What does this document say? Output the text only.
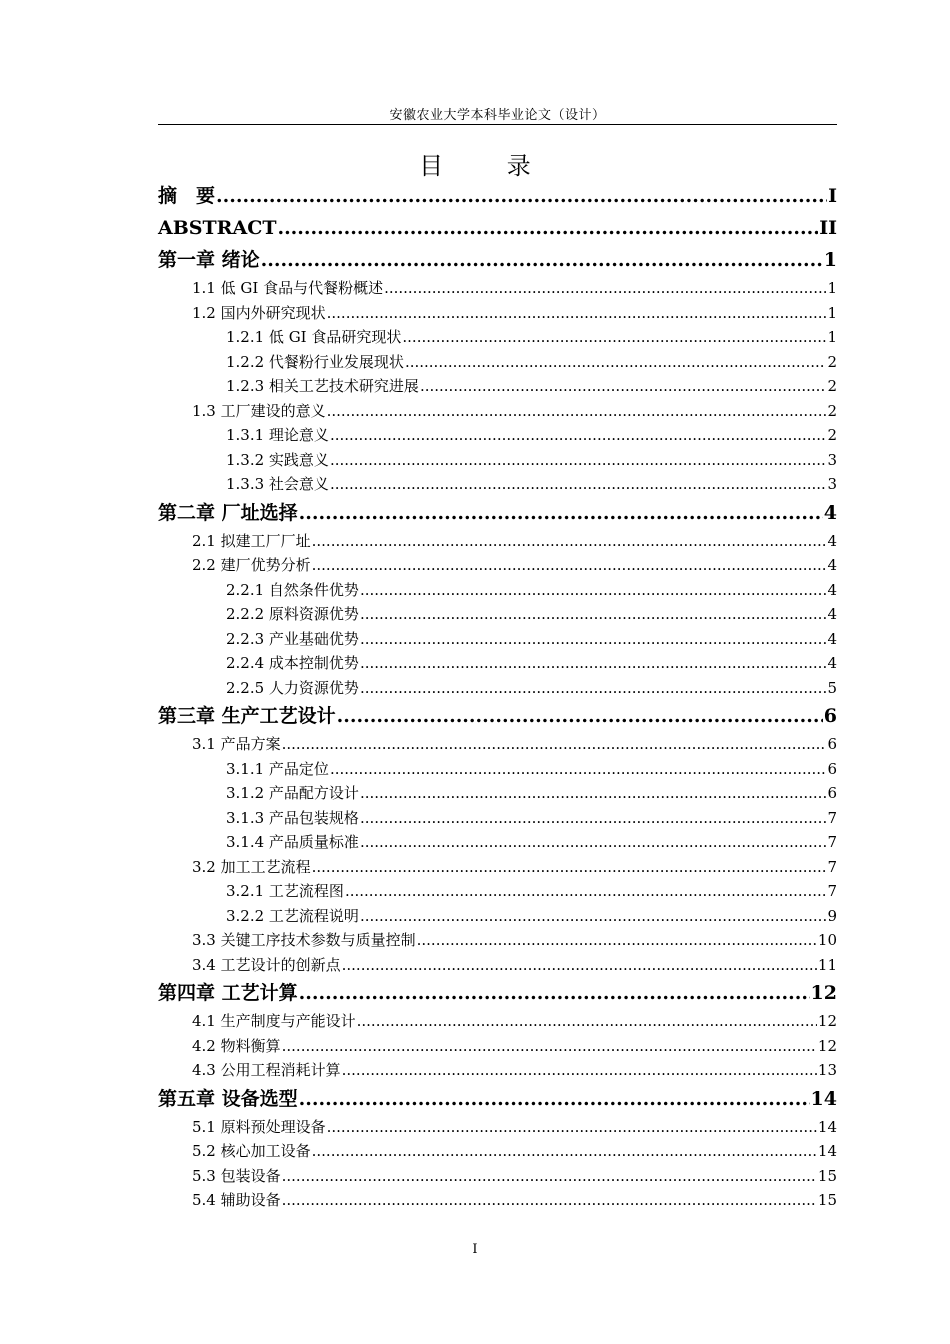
安徽农业大学本科毕业论文（设计）
目 录
摘　要 .....	I
ABSTRACT .....	II
第一章 绪论 .....	1
1.1 低 GI 食品与代餐粉概述 .....	1
1.2 国内外研究现状 .....	1
1.2.1 低 GI 食品研究现状 .....	1
1.2.2 代餐粉行业发展现状 .....	2
1.2.3 相关工艺技术研究进展 .....	2
1.3 工厂建设的意义 .....	2
1.3.1 理论意义 .....	2
1.3.2 实践意义 .....	3
1.3.3 社会意义 .....	3
第二章 厂址选择 .....	4
2.1 拟建工厂厂址 .....	4
2.2 建厂优势分析 .....	4
2.2.1 自然条件优势 .....	4
2.2.2 原料资源优势 .....	4
2.2.3 产业基础优势 .....	4
2.2.4 成本控制优势 .....	4
2.2.5 人力资源优势 .....	5
第三章 生产工艺设计 .....	6
3.1 产品方案 .....	6
3.1.1 产品定位 .....	6
3.1.2 产品配方设计 .....	6
3.1.3 产品包装规格 .....	7
3.1.4 产品质量标准 .....	7
3.2 加工工艺流程 .....	7
3.2.1 工艺流程图 .....	7
3.2.2 工艺流程说明 .....	9
3.3 关键工序技术参数与质量控制 .....	10
3.4 工艺设计的创新点 .....	11
第四章 工艺计算 .....	12
4.1 生产制度与产能设计 .....	12
4.2 物料衡算 .....	12
4.3 公用工程消耗计算 .....	13
第五章 设备选型 .....	14
5.1 原料预处理设备 .....	14
5.2 核心加工设备 .....	14
5.3 包装设备 .....	15
5.4 辅助设备 .....	15
I
